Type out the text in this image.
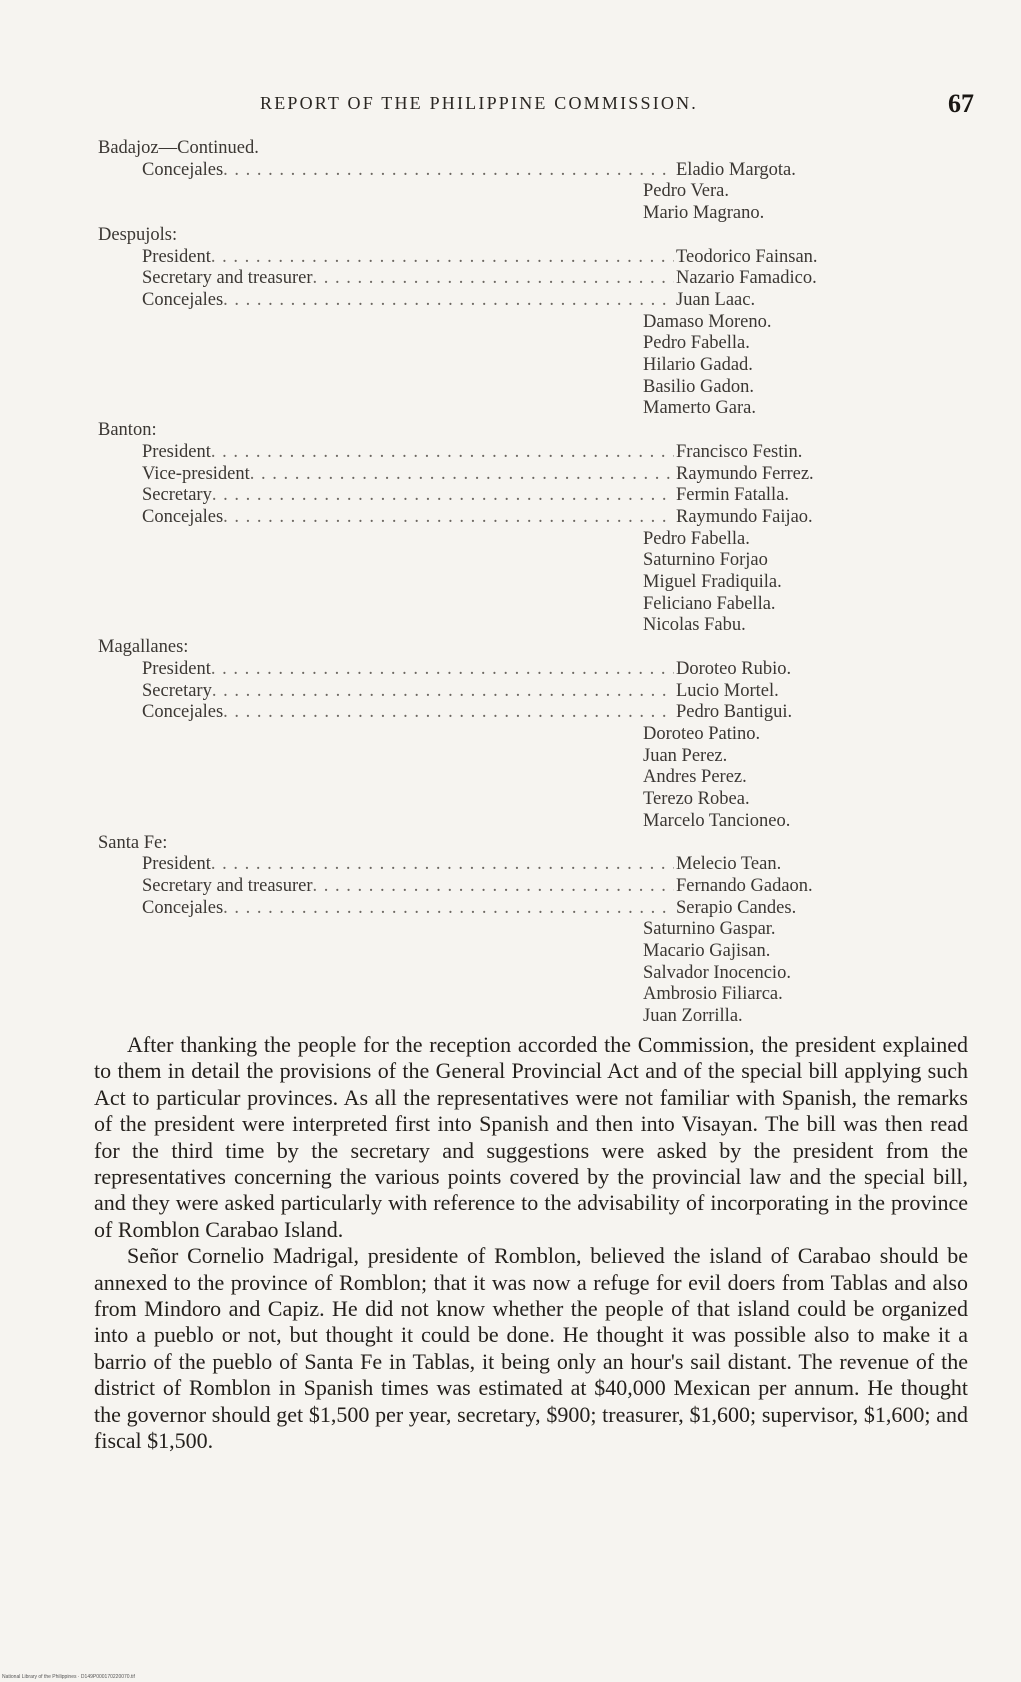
REPORT OF THE PHILIPPINE COMMISSION.	67
Badajoz—Continued.
Concejales . . .	Eladio Margota.
Pedro Vera.
Mario Magrano.
Despujols:
President . . .	Teodorico Fainsan.
Secretary and treasurer . . .	Nazario Famadico.
Concejales . . .	Juan Laac.
Damaso Moreno.
Pedro Fabella.
Hilario Gadad.
Basilio Gadon.
Mamerto Gara.
Banton:
President . . .	Francisco Festin.
Vice-president . . .	Raymundo Ferrez.
Secretary . . .	Fermin Fatalla.
Concejales . . .	Raymundo Faijao.
Pedro Fabella.
Saturnino Forjao
Miguel Fradiquila.
Feliciano Fabella.
Nicolas Fabu.
Magallanes:
President . . .	Doroteo Rubio.
Secretary . . .	Lucio Mortel.
Concejales . . .	Pedro Bantigui.
Doroteo Patino.
Juan Perez.
Andres Perez.
Terezo Robea.
Marcelo Tancioneo.
Santa Fe:
President . . .	Melecio Tean.
Secretary and treasurer . . .	Fernando Gadaon.
Concejales . . .	Serapio Candes.
Saturnino Gaspar.
Macario Gajisan.
Salvador Inocencio.
Ambrosio Filiarca.
Juan Zorrilla.

After thanking the people for the reception accorded the Commission, the president explained to them in detail the provisions of the General Provincial Act and of the special bill applying such Act to particular provinces. As all the representatives were not familiar with Spanish, the remarks of the president were interpreted first into Spanish and then into Visayan. The bill was then read for the third time by the secretary and suggestions were asked by the president from the representatives concerning the various points covered by the provincial law and the special bill, and they were asked particularly with reference to the advisability of incorporating in the province of Romblon Carabao Island.

Señor Cornelio Madrigal, presidente of Romblon, believed the island of Carabao should be annexed to the province of Romblon; that it was now a refuge for evil doers from Tablas and also from Mindoro and Capiz. He did not know whether the people of that island could be organized into a pueblo or not, but thought it could be done. He thought it was possible also to make it a barrio of the pueblo of Santa Fe in Tablas, it being only an hour's sail distant. The revenue of the district of Romblon in Spanish times was estimated at $40,000 Mexican per annum. He thought the governor should get $1,500 per year, secretary, $900; treasurer, $1,600; supervisor, $1,600; and fiscal $1,500.

National Library of the Philippines · D149P000170220070.tif
